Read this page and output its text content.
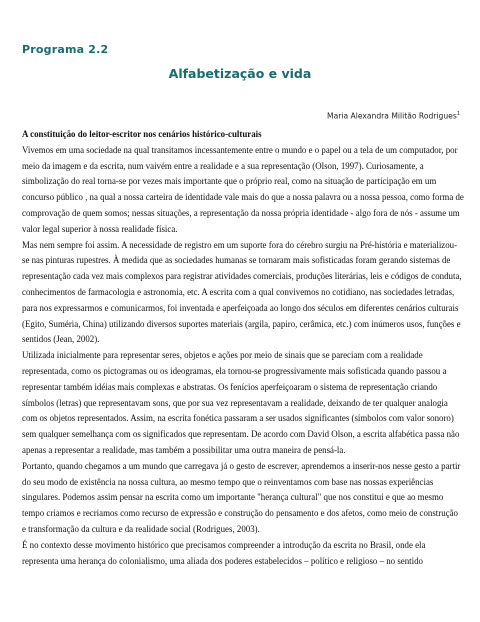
Programa 2.2
Alfabetização e vida
Maria Alexandra Militão Rodrigues$^1$

A constituição do leitor-escritor nos cenários histórico-culturais

Vivemos em uma sociedade na qual transitamos incessantemente entre o mundo e o papel ou a tela de um computador, por meio da imagem e da escrita, num vaivém entre a realidade e a sua representação (Olson, 1997). Curiosamente, a simbolização do real torna-se por vezes mais importante que o próprio real, como na situação de participação em um concurso público , na qual a nossa carteira de identidade vale mais do que a nossa palavra ou a nossa pessoa, como forma de comprovação de quem somos; nessas situações, a representação da nossa própria identidade - algo fora de nós - assume um valor legal superior à nossa realidade física.

Mas nem sempre foi assim. A necessidade de registro em um suporte fora do cérebro surgiu na Pré-história e materializou-se nas pinturas rupestres. À medida que as sociedades humanas se tornaram mais sofisticadas foram gerando sistemas de representação cada vez mais complexos para registrar atividades comerciais, produções literárias, leis e códigos de conduta, conhecimentos de farmacologia e astronomia, etc. A escrita com a qual convivemos no cotidiano, nas sociedades letradas, para nos expressarmos e comunicarmos, foi inventada e aperfeiçoada ao longo dos séculos em diferentes cenários culturais (Egito, Suméria, China) utilizando diversos suportes materiais (argila, papiro, cerâmica, etc.) com inúmeros usos, funções e sentidos (Jean, 2002).

Utilizada inicialmente para representar seres, objetos e ações por meio de sinais que se pareciam com a realidade representada, como os pictogramas ou os ideogramas, ela tornou-se progressivamente mais sofisticada quando passou a representar também idéias mais complexas e abstratas. Os fenícios aperfeiçoaram o sistema de representação criando símbolos (letras) que representavam sons, que por sua vez representavam a realidade, deixando de ter qualquer analogia com os objetos representados. Assim, na escrita fonética passaram a ser usados significantes (símbolos com valor sonoro) sem qualquer semelhança com os significados que representam. De acordo com David Olson, a escrita alfabética passa não apenas a representar a realidade, mas também a possibilitar uma outra maneira de pensá-la.

Portanto, quando chegamos a um mundo que carregava já o gesto de escrever, aprendemos a inserir-nos nesse gesto a partir do seu modo de existência na nossa cultura, ao mesmo tempo que o reinventamos com base nas nossas experiências singulares. Podemos assim pensar na escrita como um importante "herança cultural" que nos constitui e que ao mesmo tempo criamos e recriamos como recurso de expressão e construção do pensamento e dos afetos, como meio de construção e transformação da cultura e da realidade social (Rodrigues, 2003).

É no contexto desse movimento histórico que precisamos compreender a introdução da escrita no Brasil, onde ela representa uma herança do colonialismo, uma aliada dos poderes estabelecidos – político e religioso – no sentido
